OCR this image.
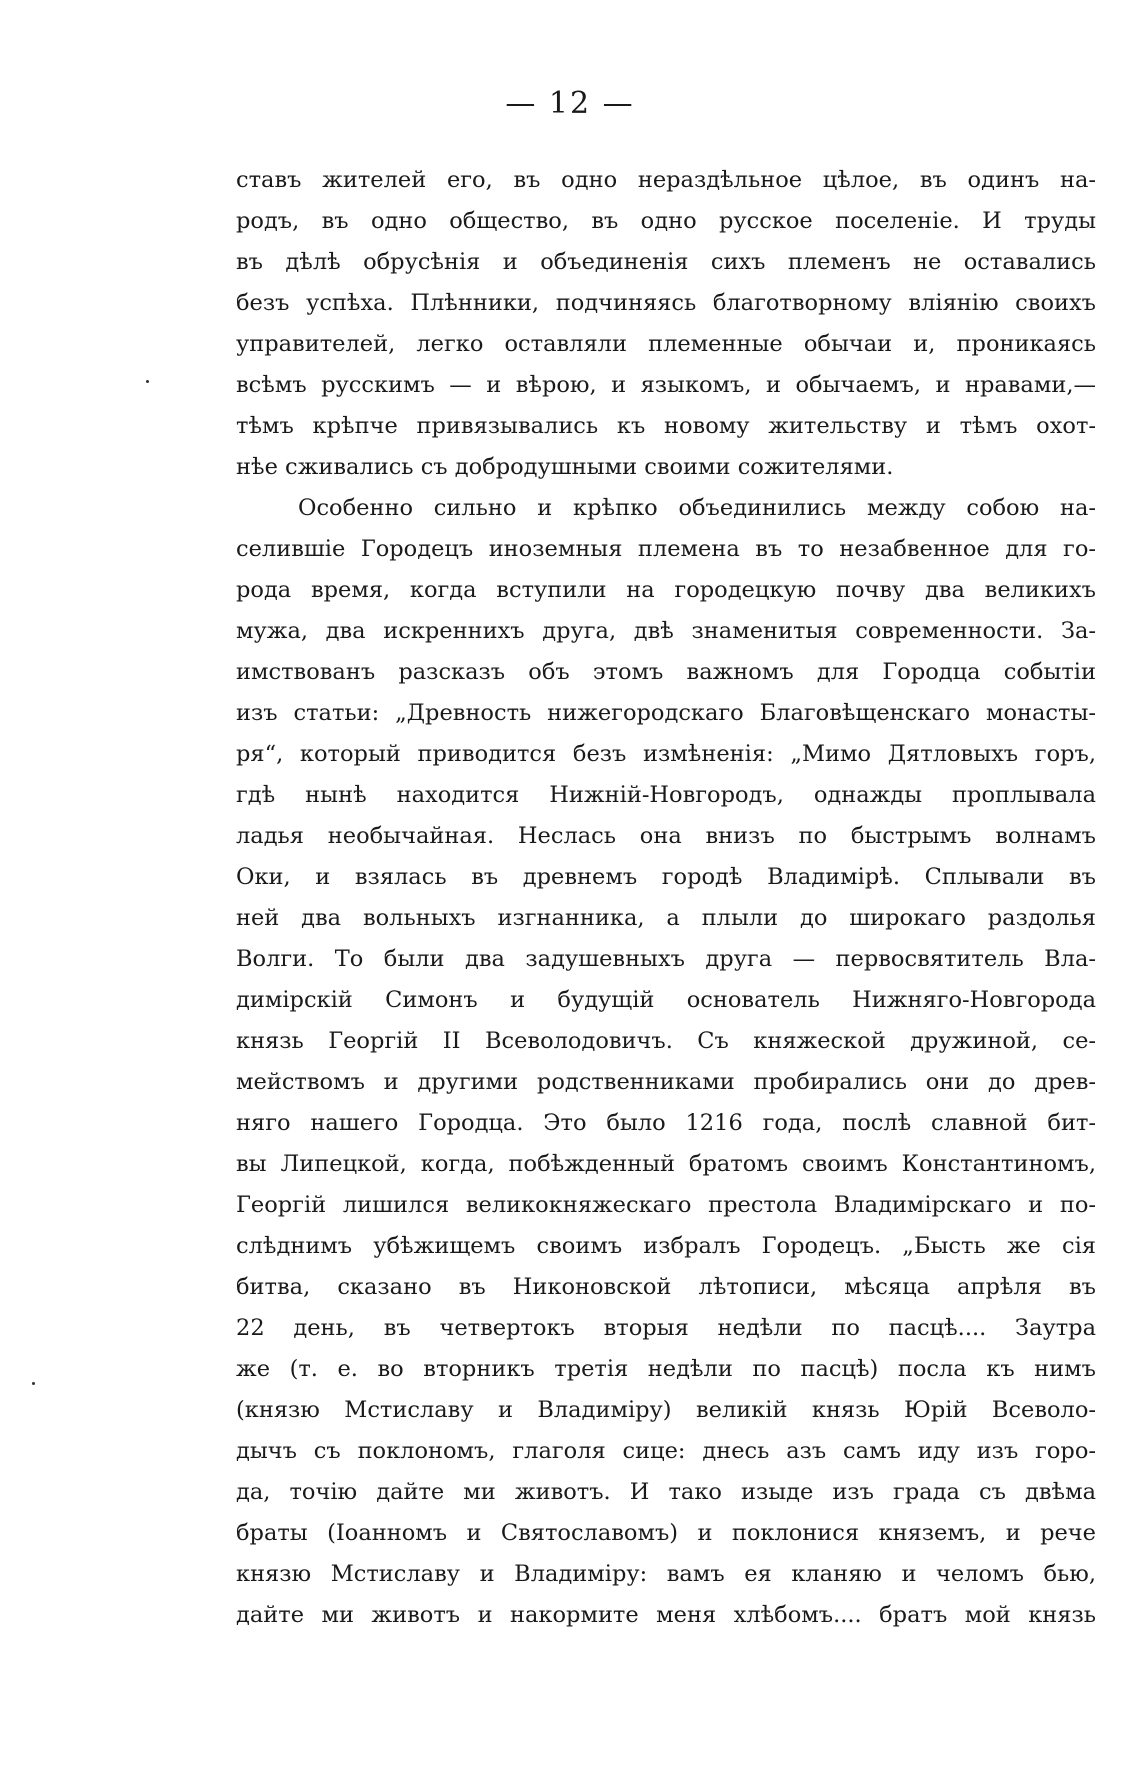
— 12 —
ставъ жителей его, въ одно нераздѣльное цѣлое, въ одинъ на-
родъ, въ одно общество, въ одно русское поселеніе. И труды
въ дѣлѣ обрусѣнія и объединенія сихъ племенъ не оставались
безъ успѣха. Плѣнники, подчиняясь благотворному вліянію своихъ
управителей, легко оставляли племенные обычаи и, проникаясь
всѣмъ русскимъ — и вѣрою, и языкомъ, и обычаемъ, и нравами,—
тѣмъ крѣпче привязывались къ новому жительству и тѣмъ охот-
нѣе сживались съ добродушными своими сожителями.
Особенно сильно и крѣпко объединились между собою на-
селившіе Городецъ иноземныя племена въ то незабвенное для го-
рода время, когда вступили на городецкую почву два великихъ
мужа, два искреннихъ друга, двѣ знаменитыя современности. За-
имствованъ разсказъ объ этомъ важномъ для Городца событіи
изъ статьи: „Древность нижегородскаго Благовѣщенскаго монасты-
ря“, который приводится безъ измѣненія: „Мимо Дятловыхъ горъ,
гдѣ нынѣ находится Нижній-Новгородъ, однажды проплывала
ладья необычайная. Неслась она внизъ по быстрымъ волнамъ
Оки, и взялась въ древнемъ городѣ Владимірѣ. Сплывали въ
ней два вольныхъ изгнанника, а плыли до широкаго раздолья
Волги. То были два задушевныхъ друга — первосвятитель Вла-
димірскій Симонъ и будущій основатель Нижняго-Новгорода
князь Георгій II Всеволодовичъ. Съ княжеской дружиной, се-
мействомъ и другими родственниками пробирались они до древ-
няго нашего Городца. Это было 1216 года, послѣ славной бит-
вы Липецкой, когда, побѣжденный братомъ своимъ Константиномъ,
Георгій лишился великокняжескаго престола Владимірскаго и по-
слѣднимъ убѣжищемъ своимъ избралъ Городецъ. „Бысть же сія
битва, сказано въ Никоновской лѣтописи, мѣсяца апрѣля въ
22 день, въ четвертокъ вторыя недѣли по пасцѣ.... Заутра
же (т. е. во вторникъ третія недѣли по пасцѣ) посла къ нимъ
(князю Мстиславу и Владиміру) великій князь Юрій Всеволо-
дычъ съ поклономъ, глаголя сице: днесь азъ самъ иду изъ горо-
да, точію дайте ми животъ. И тако изыде изъ града съ двѣма
браты (Іоанномъ и Святославомъ) и поклонися княземъ, и рече
князю Мстиславу и Владиміру: вамъ ея кланяю и челомъ бью,
дайте ми животъ и накормите меня хлѣбомъ.... братъ мой князь
